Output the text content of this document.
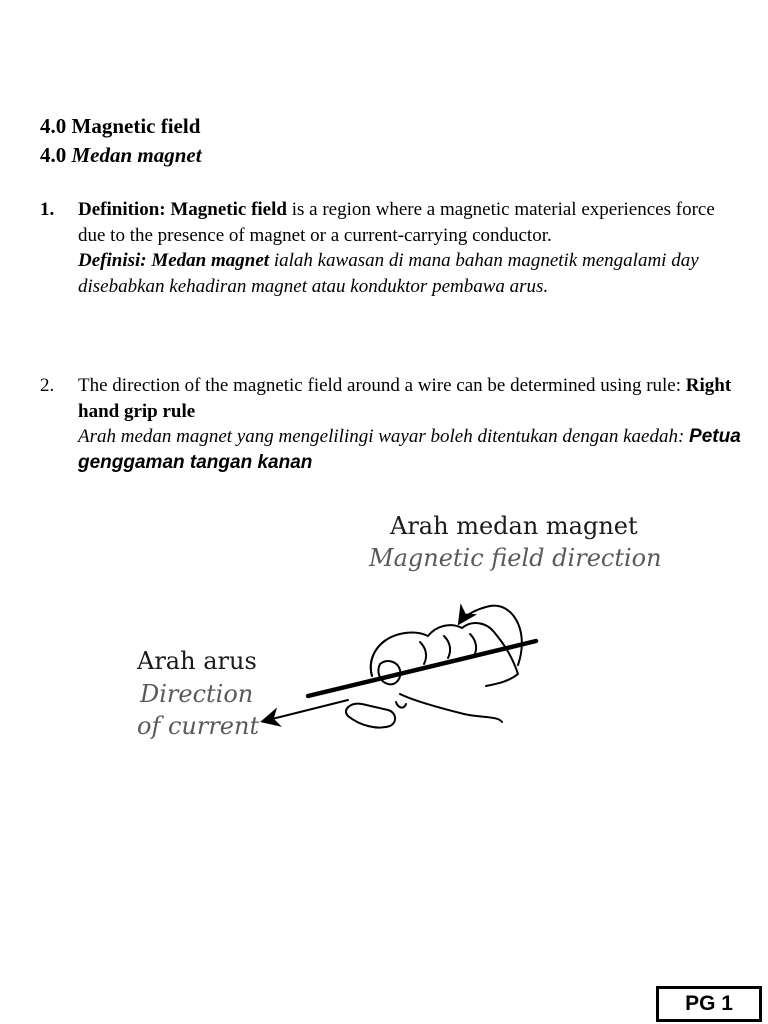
4.0 Magnetic field
4.0 Medan magnet
1. Definition: Magnetic field is a region where a magnetic material experiences force due to the presence of magnet or a current-carrying conductor.
Definisi: Medan magnet ialah kawasan di mana bahan magnetik mengalami day disebabkan kehadiran magnet atau konduktor pembawa arus.
2. The direction of the magnetic field around a wire can be determined using rule: Right hand grip rule
Arah medan magnet yang mengelilingi wayar boleh ditentukan dengan kaedah: Petua genggaman tangan kanan
Arah medan magnet
Magnetic field direction
Arah arus
Direction
of current
PG 1
